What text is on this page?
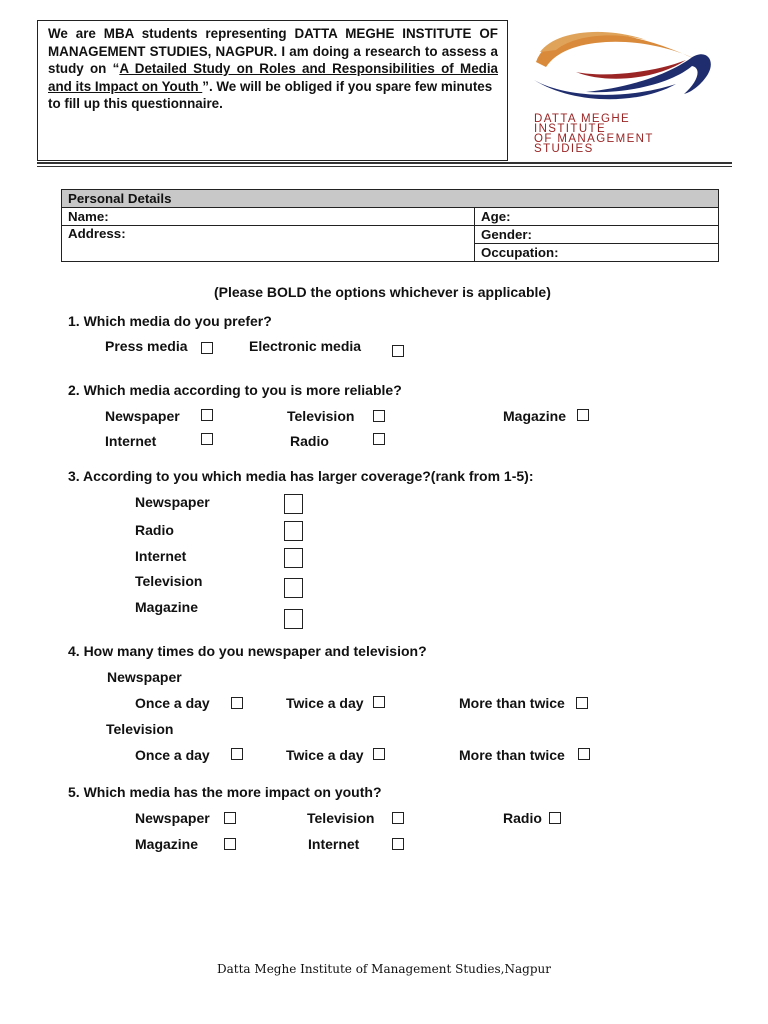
We are MBA students representing DATTA MEGHE INSTITUTE OF MANAGEMENT STUDIES, NAGPUR. I am doing a research to assess a study on “A Detailed Study on Roles and Responsibilities of Media and its Impact on Youth ”. We will be obliged if you spare few minutes
to fill up this questionnaire.
DATTA MEGHE
INSTITUTE
OF MANAGEMENT
STUDIES
Personal Details	
Name:	Age:
Address:	Gender:
	Occupation:
(Please BOLD the options whichever is applicable)
1. Which media do you prefer?
Press media	Electronic media
2. Which media according to you is more reliable?
Newspaper	Television	Magazine
Internet	Radio
3. According to you which media has larger coverage?(rank from 1-5):
Newspaper
Radio
Internet
Television
Magazine
4. How many times do you newspaper and television?
Newspaper
Once a day	Twice a day	More than twice
Television
Once a day	Twice a day	More than twice
5. Which media has the more impact on youth?
Newspaper	Television	Radio
Magazine	Internet
Datta Meghe Institute of Management Studies,Nagpur
